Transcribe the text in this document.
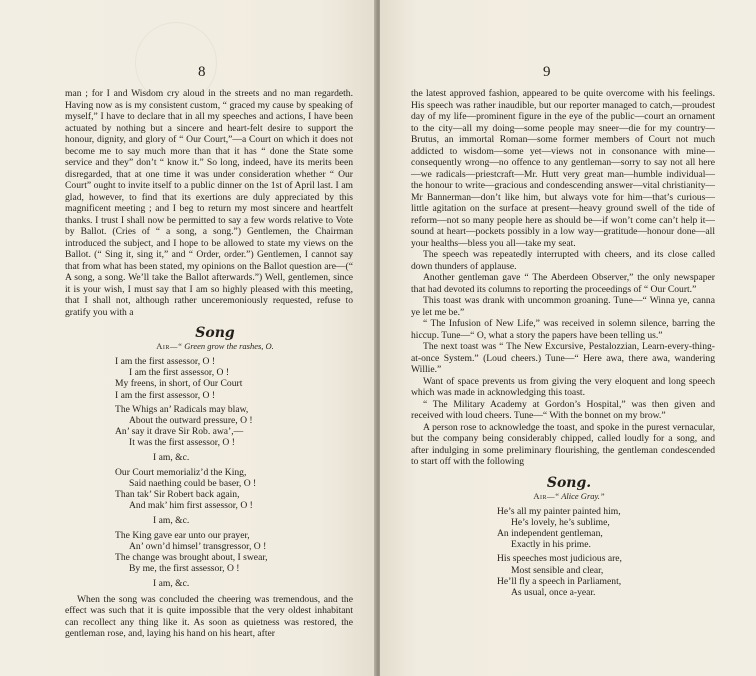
8

man ; for I and Wisdom cry aloud in the streets and no man regardeth. Having now as is my consistent custom, “ graced my cause by speaking of myself,” I have to declare that in all my speeches and actions, I have been actuated by nothing but a sincere and heart-felt desire to support the honour, dignity, and glory of “ Our Court,”—a Court on which it does not become me to say much more than that it has “ done the State some service and they” don’t “ know it.” So long, indeed, have its merits been disregarded, that at one time it was under consideration whether “ Our Court” ought to invite itself to a public dinner on the 1st of April last. I am glad, however, to find that its exertions are duly appreciated by this magnificent meeting ; and I beg to return my most sincere and heartfelt thanks. I trust I shall now be permitted to say a few words relative to Vote by Ballot. (Cries of “ a song, a song.”) Gentlemen, the Chairman introduced the subject, and I hope to be allowed to state my views on the Ballot. (“ Sing it, sing it,” and “ Order, order.”) Gentlemen, I cannot say that from what has been stated, my opinions on the Ballot question are—(“ A song, a song. We’ll take the Ballot afterwards.”) Well, gentlemen, since it is your wish, I must say that I am so highly pleased with this meeting, that I shall not, although rather unceremoniously requested, refuse to gratify you with a

Song

Air—“ Green grow the rashes, O.

I am the first assessor, O !
I am the first assessor, O !
My freens, in short, of Our Court
I am the first assessor, O !
The Whigs an’ Radicals may blaw,
About the outward pressure, O !
An’ say it drave Sir Rob. awa’,—
It was the first assessor, O !
I am, &c.
Our Court memorializ’d the King,
Said naething could be baser, O !
Than tak’ Sir Robert back again,
And mak’ him first assessor, O !
I am, &c.
The King gave ear unto our prayer,
An’ own’d himsel’ transgressor, O !
The change was brought about, I swear,
By me, the first assessor, O !
I am, &c.

When the song was concluded the cheering was tremendous, and the effect was such that it is quite impossible that the very oldest inhabitant can recollect any thing like it. As soon as quietness was restored, the gentleman rose, and, laying his hand on his heart, after

9

the latest approved fashion, appeared to be quite overcome with his feelings. His speech was rather inaudible, but our reporter managed to catch,—proudest day of my life—prominent figure in the eye of the public—court an ornament to the city—all my doing—some people may sneer—die for my country—Brutus, an immortal Roman—some former members of Court not much addicted to wisdom—some yet—views not in consonance with mine—consequently wrong—no offence to any gentleman—sorry to say not all here—we radicals—priestcraft—Mr. Hutt very great man—humble individual—the honour to write—gracious and condescending answer—vital christianity—Mr Bannerman—don’t like him, but always vote for him—that’s curious—little agitation on the surface at present—heavy ground swell of the tide of reform—not so many people here as should be—if won’t come can’t help it—sound at heart—pockets possibly in a low way—gratitude—honour done—all your healths—bless you all—take my seat.

The speech was repeatedly interrupted with cheers, and its close called down thunders of applause.

Another gentleman gave “ The Aberdeen Observer,” the only newspaper that had devoted its columns to reporting the proceedings of “ Our Court.”

This toast was drank with uncommon groaning. Tune—“ Winna ye, canna ye let me be.”

“ The Infusion of New Life,” was received in solemn silence, barring the hiccup. Tune—“ O, what a story the papers have been telling us.”

The next toast was “ The New Excursive, Pestalozzian, Learn-every-thing-at-once System.” (Loud cheers.) Tune—“ Here awa, there awa, wandering Willie.”

Want of space prevents us from giving the very eloquent and long speech which was made in acknowledging this toast.

“ The Military Academy at Gordon’s Hospital,” was then given and received with loud cheers. Tune—“ With the bonnet on my brow.”

A person rose to acknowledge the toast, and spoke in the purest vernacular, but the company being considerably chipped, called loudly for a song, and after indulging in some preliminary flourishing, the gentleman condescended to start off with the following

Song.

Air—“ Alice Gray.”

He’s all my painter painted him,
He’s lovely, he’s sublime,
An independent gentleman,
Exactly in his prime.
His speeches most judicious are,
Most sensible and clear,
He’ll fly a speech in Parliament,
As usual, once a-year.
